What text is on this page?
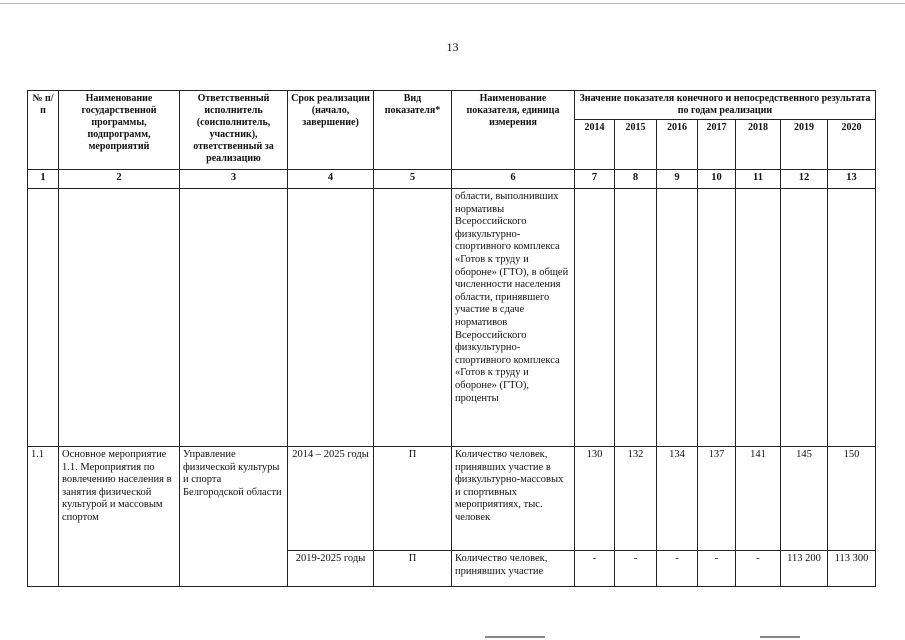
13
№ п/п	Наименование государственной программы, подпрограмм, мероприятий	Ответственный исполнитель (соисполнитель, участник), ответственный за реализацию	Срок реализации (начало, завершение)	Вид показателя*	Наименование показателя, единица измерения	Значение показателя конечного и непосредственного результата по годам реализации						
						2014	2015	2016	2017	2018	2019	2020
1	2	3	4	5	6	7	8	9	10	11	12	13
					области, выполнивших нормативы Всероссийского физкультурно-спортивного комплекса «Готов к труду и обороне» (ГТО), в общей численности населения области, принявшего участие в сдаче нормативов Всероссийского физкультурно-спортивного комплекса «Готов к труду и обороне» (ГТО), проценты							
1.1	Основное мероприятие 1.1. Мероприятия по вовлечению населения в занятия физической культурой и массовым спортом	Управление физической культуры и спорта Белгородской области	2014 – 2025 годы	П	Количество человек, принявших участие в физкультурно-массовых и спортивных мероприятиях, тыс. человек	130	132	134	137	141	145	150
			2019-2025 годы	П	Количество человек, принявших участие	-	-	-	-	-	113 200	113 300
